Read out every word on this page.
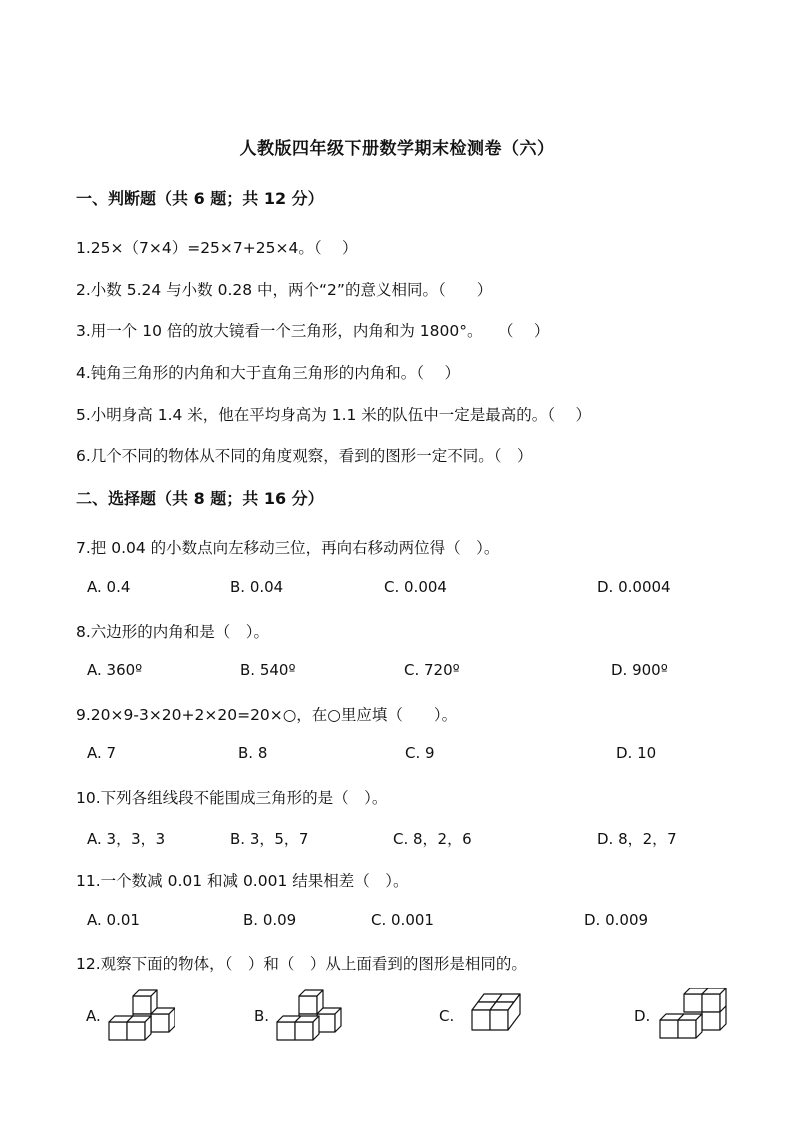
人教版四年级下册数学期末检测卷（六）
一、判断题（共 6 题；共 12 分）
1.25×（7×4）=25×7+25×4。（　 ）
2.小数 5.24 与小数 0.28 中，两个“2”的意义相同。（　　）
3.用一个 10 倍的放大镜看一个三角形，内角和为 1800°。　　（　 ）
4.钝角三角形的内角和大于直角三角形的内角和。（　 ）
5.小明身高 1.4 米，他在平均身高为 1.1 米的队伍中一定是最高的。（　 ）
6.几个不同的物体从不同的角度观察，看到的图形一定不同。（　）
二、选择题（共 8 题；共 16 分）
7.把 0.04 的小数点向左移动三位，再向右移动两位得（　）。
A. 0.4	B. 0.04	C. 0.004	D. 0.0004
8.六边形的内角和是（　）。
A. 360º	B. 540º	C. 720º	D. 900º
9.20×9-3×20+2×20=20×○，在○里应填（　　）。
A. 7	B. 8	C. 9	D. 10
10.下列各组线段不能围成三角形的是（　）。
A. 3，3，3	B. 3，5，7	C. 8，2，6	D. 8，2，7
11.一个数减 0.01 和减 0.001 结果相差（　）。
A. 0.01	B. 0.09	C. 0.001	D. 0.009
12.观察下面的物体，（　）和（　）从上面看到的图形是相同的。
A.	B.	C.	D.
